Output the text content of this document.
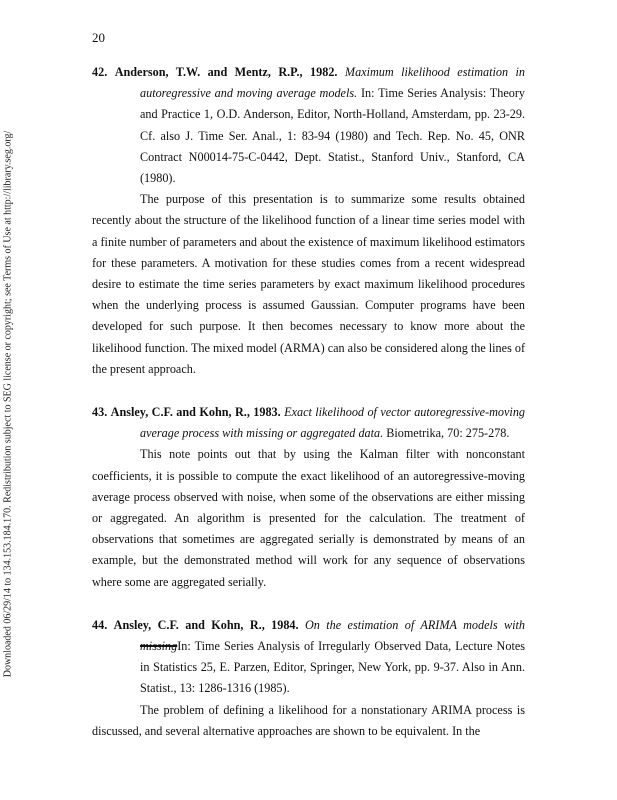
Downloaded 06/29/14 to 134.153.184.170. Redistribution subject to SEG license or copyright; see Terms of Use at http://library.seg.org/
20

42. Anderson, T.W. and Mentz, R.P., 1982. Maximum likelihood estimation in autoregressive and moving average models. In: Time Series Analysis: Theory and Practice 1, O.D. Anderson, Editor, North-Holland, Amsterdam, pp. 23-29. Cf. also J. Time Ser. Anal., 1: 83-94 (1980) and Tech. Rep. No. 45, ONR Contract N00014-75-C-0442, Dept. Statist., Stanford Univ., Stanford, CA (1980).

The purpose of this presentation is to summarize some results obtained recently about the structure of the likelihood function of a linear time series model with a finite number of parameters and about the existence of maximum likelihood estimators for these parameters. A motivation for these studies comes from a recent widespread desire to estimate the time series parameters by exact maximum likelihood procedures when the underlying process is assumed Gaussian. Computer programs have been developed for such purpose. It then becomes necessary to know more about the likelihood function. The mixed model (ARMA) can also be considered along the lines of the present approach.

43. Ansley, C.F. and Kohn, R., 1983. Exact likelihood of vector autoregressive-moving average process with missing or aggregated data. Biometrika, 70: 275-278.

This note points out that by using the Kalman filter with nonconstant coefficients, it is possible to compute the exact likelihood of an autoregressive-moving average process observed with noise, when some of the observations are either missing or aggregated. An algorithm is presented for the calculation. The treatment of observations that sometimes are aggregated serially is demonstrated by means of an example, but the demonstrated method will work for any sequence of observations where some are aggregated serially.

44. Ansley, C.F. and Kohn, R., 1984. On the estimation of ARIMA models with missingIn: Time Series Analysis of Irregularly Observed Data, Lecture Notes in Statistics 25, E. Parzen, Editor, Springer, New York, pp. 9-37. Also in Ann. Statist., 13: 1286-1316 (1985).

The problem of defining a likelihood for a nonstationary ARIMA process is discussed, and several alternative approaches are shown to be equivalent. In the
